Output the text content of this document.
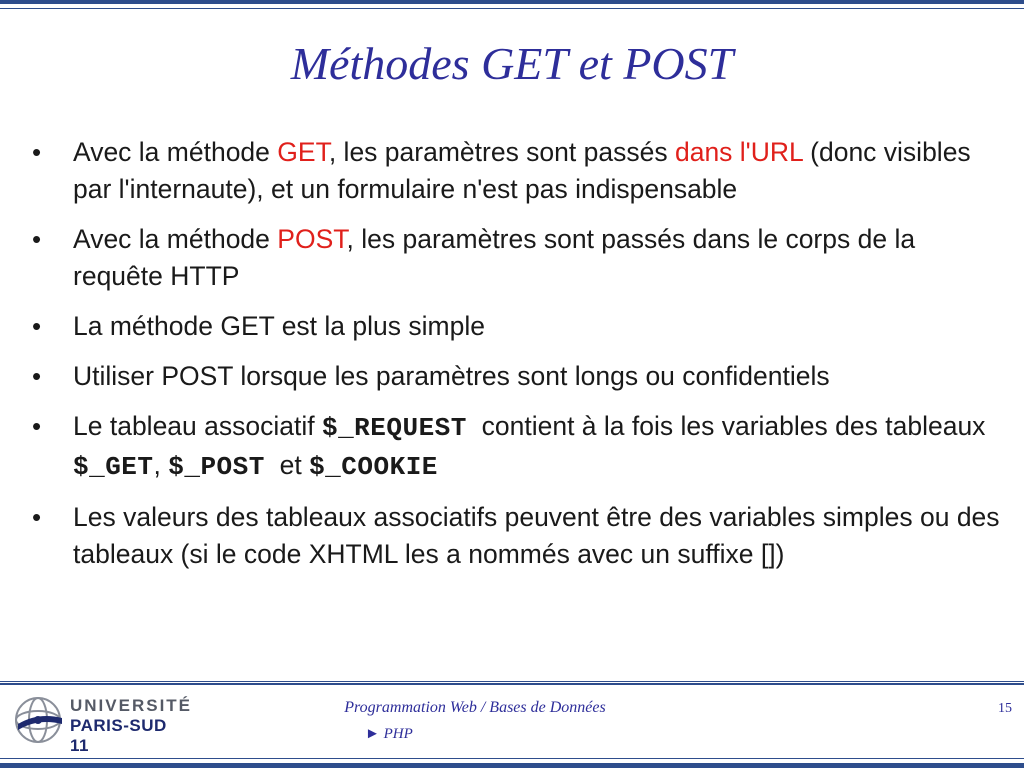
Méthodes GET et POST
• Avec la méthode GET, les paramètres sont passés dans l'URL (donc visibles par l'internaute), et un formulaire n'est pas indispensable
• Avec la méthode POST, les paramètres sont passés dans le corps de la requête HTTP
• La méthode GET est la plus simple
• Utiliser POST lorsque les paramètres sont longs ou confidentiels
• Le tableau associatif $_REQUEST  contient à la fois les variables des tableaux $_GET, $_POST  et $_COOKIE
• Les valeurs des tableaux associatifs peuvent être des variables simples ou des tableaux (si le code XHTML les a nommés avec un suffixe [])
UNIVERSITÉ
PARIS-SUD 11
Programmation Web / Bases de Données
► PHP
15
